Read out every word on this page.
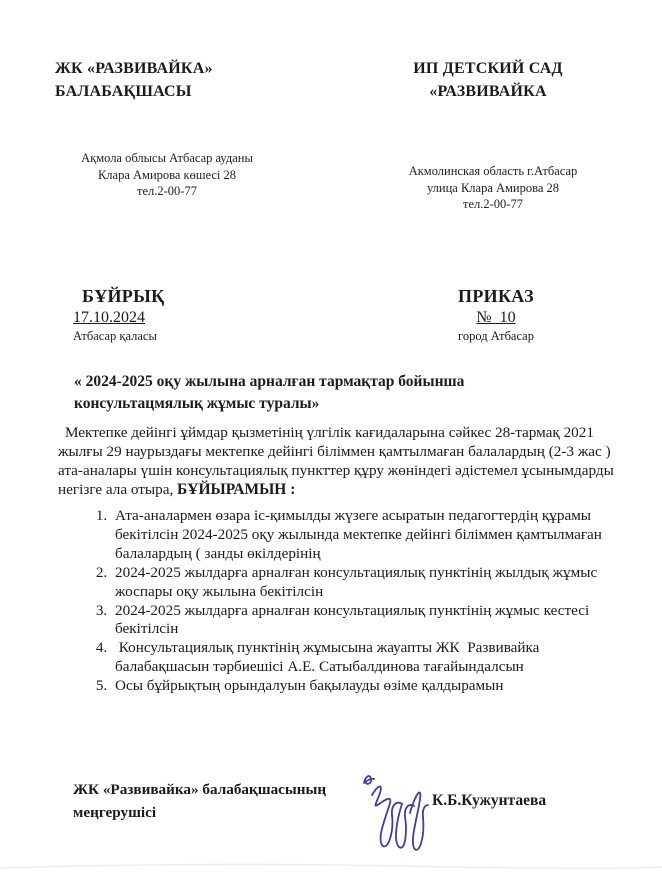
ЖК «РАЗВИВАЙКА»
БАЛАБАҚШАСЫ
ИП ДЕТСКИЙ САД
«РАЗВИВАЙКА
Ақмола облысы Атбасар ауданы
Клара Амирова көшесі 28
тел.2-00-77
Акмолинская область г.Атбасар
улица Клара Амирова 28
тел.2-00-77
БҰЙРЫҚ
17.10.2024
Атбасар қаласы
ПРИКАЗ
№  10
город Атбасар
« 2024-2025 оқу жылына арналған тармақтар бойынша
консультацмялық жұмыс туралы»

Мектепке дейінгі ұймдар қызметінің үлгілік кағидаларына сәйкес 28-тармақ 2021 жылғы 29 наурыздағы мектепке дейінгі біліммен қамтылмаған балалардың (2-3 жас ) ата-аналары үшін консультациялық пункттер құру жөніндегі әдістемел ұсынымдарды негізге ала отыра, БҰЙЫРАМЫН :

1. Ата-аналармен өзара іс-қимылды жүзеге асыратын педагогтердің құрамы бекітілсін 2024-2025 оқу жылында мектепке дейінгі біліммен қамтылмаған балалардың ( занды өкілдерінің
2. 2024-2025 жылдарға арналған консультациялық пунктінің жылдық жұмыс жоспары оқу жылына бекітілсін
3. 2024-2025 жылдарға арналған консультациялық пунктінің жұмыс кестесі бекітілсін
4.  Консультациялық пунктінің жұмысына жауапты ЖК  Развивайка балабақшасын тәрбиешісі А.Е. Сатыбалдинова тағайындалсын
5. Осы бұйрықтың орындалуын бақылауды өзіме қалдырамын
ЖК «Развивайка» балабақшасының
меңгерушісі
К.Б.Кужунтаева
